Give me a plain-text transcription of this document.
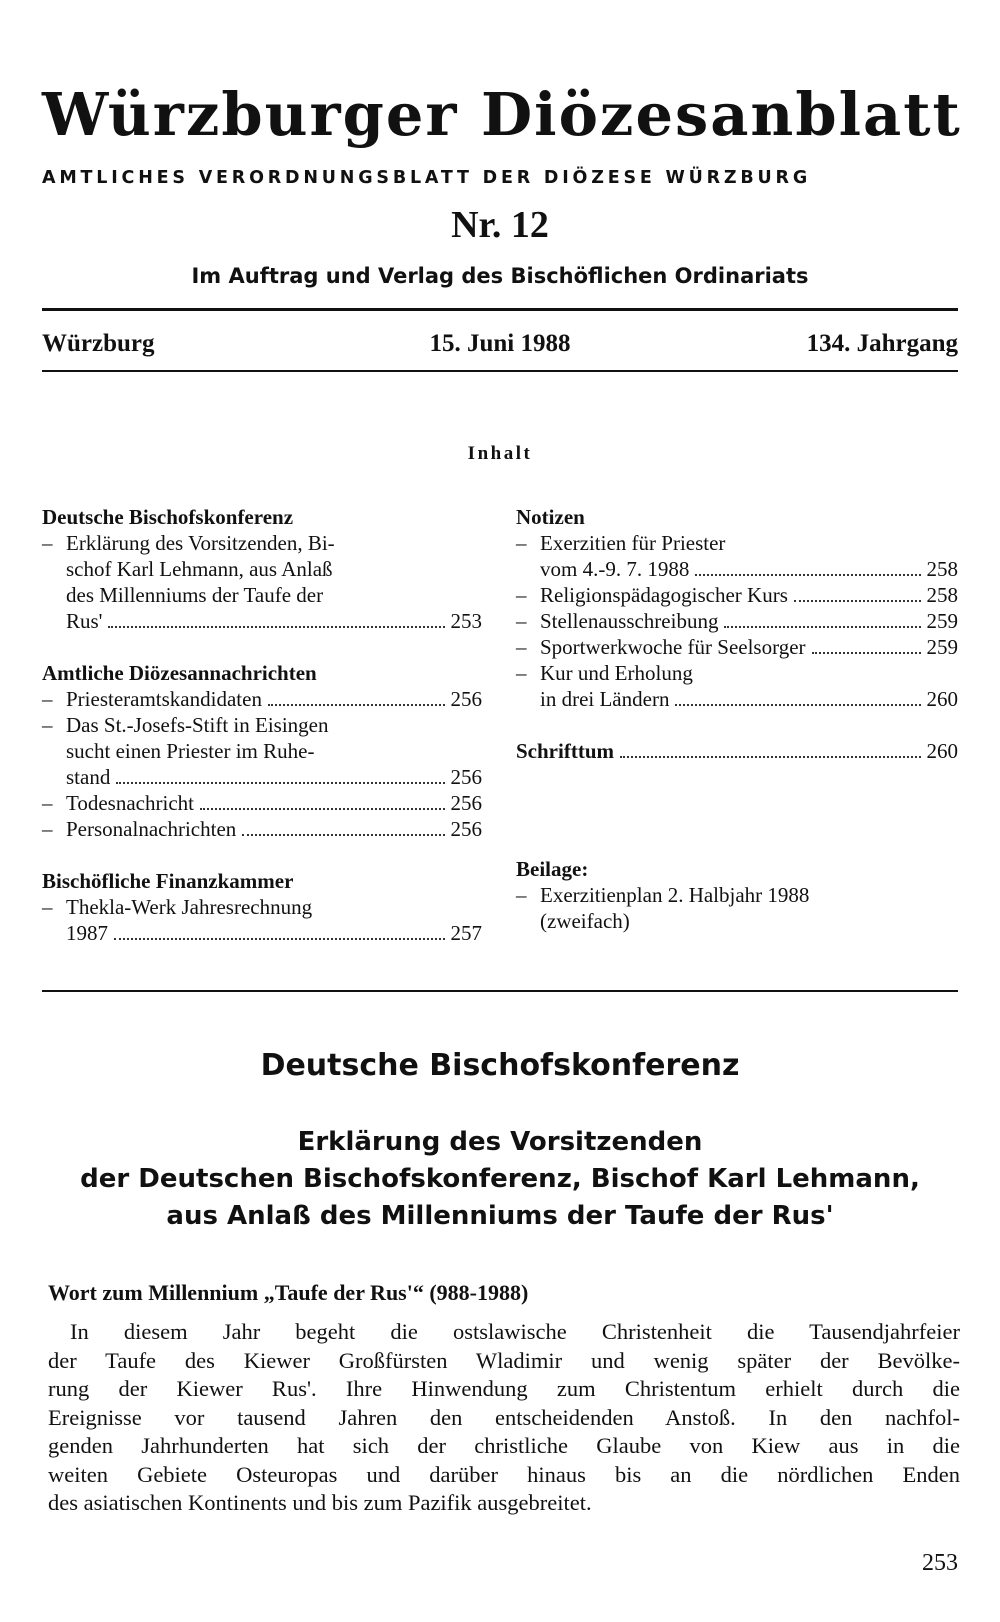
Würzburger Diözesanblatt
AMTLICHES VERORDNUNGSBLATT DER DIÖZESE WÜRZBURG
Nr. 12
Im Auftrag und Verlag des Bischöflichen Ordinariats
Würzburg	15. Juni 1988	134. Jahrgang
Inhalt
Deutsche Bischofskonferenz
– Erklärung des Vorsitzenden, Bi-
schof Karl Lehmann, aus Anlaß
des Millenniums der Taufe der
Rus'	253
Amtliche Diözesannachrichten
– Priesteramtskandidaten	256
– Das St.-Josefs-Stift in Eisingen
sucht einen Priester im Ruhe-
stand	256
– Todesnachricht	256
– Personalnachrichten	256
Bischöfliche Finanzkammer
– Thekla-Werk Jahresrechnung
1987	257
Notizen
– Exerzitien für Priester
vom 4.-9. 7. 1988	258
– Religionspädagogischer Kurs	258
– Stellenausschreibung	259
– Sportwerkwoche für Seelsorger	259
– Kur und Erholung
in drei Ländern	260
Schrifttum	260
Beilage:
– Exerzitienplan 2. Halbjahr 1988
(zweifach)
Deutsche Bischofskonferenz
Erklärung des Vorsitzenden
der Deutschen Bischofskonferenz, Bischof Karl Lehmann,
aus Anlaß des Millenniums der Taufe der Rus'
Wort zum Millennium „Taufe der Rus'“ (988-1988)
In diesem Jahr begeht die ostslawische Christenheit die Tausendjahrfeier
der Taufe des Kiewer Großfürsten Wladimir und wenig später der Bevölke-
rung der Kiewer Rus'. Ihre Hinwendung zum Christentum erhielt durch die
Ereignisse vor tausend Jahren den entscheidenden Anstoß. In den nachfol-
genden Jahrhunderten hat sich der christliche Glaube von Kiew aus in die
weiten Gebiete Osteuropas und darüber hinaus bis an die nördlichen Enden
des asiatischen Kontinents und bis zum Pazifik ausgebreitet.
253
